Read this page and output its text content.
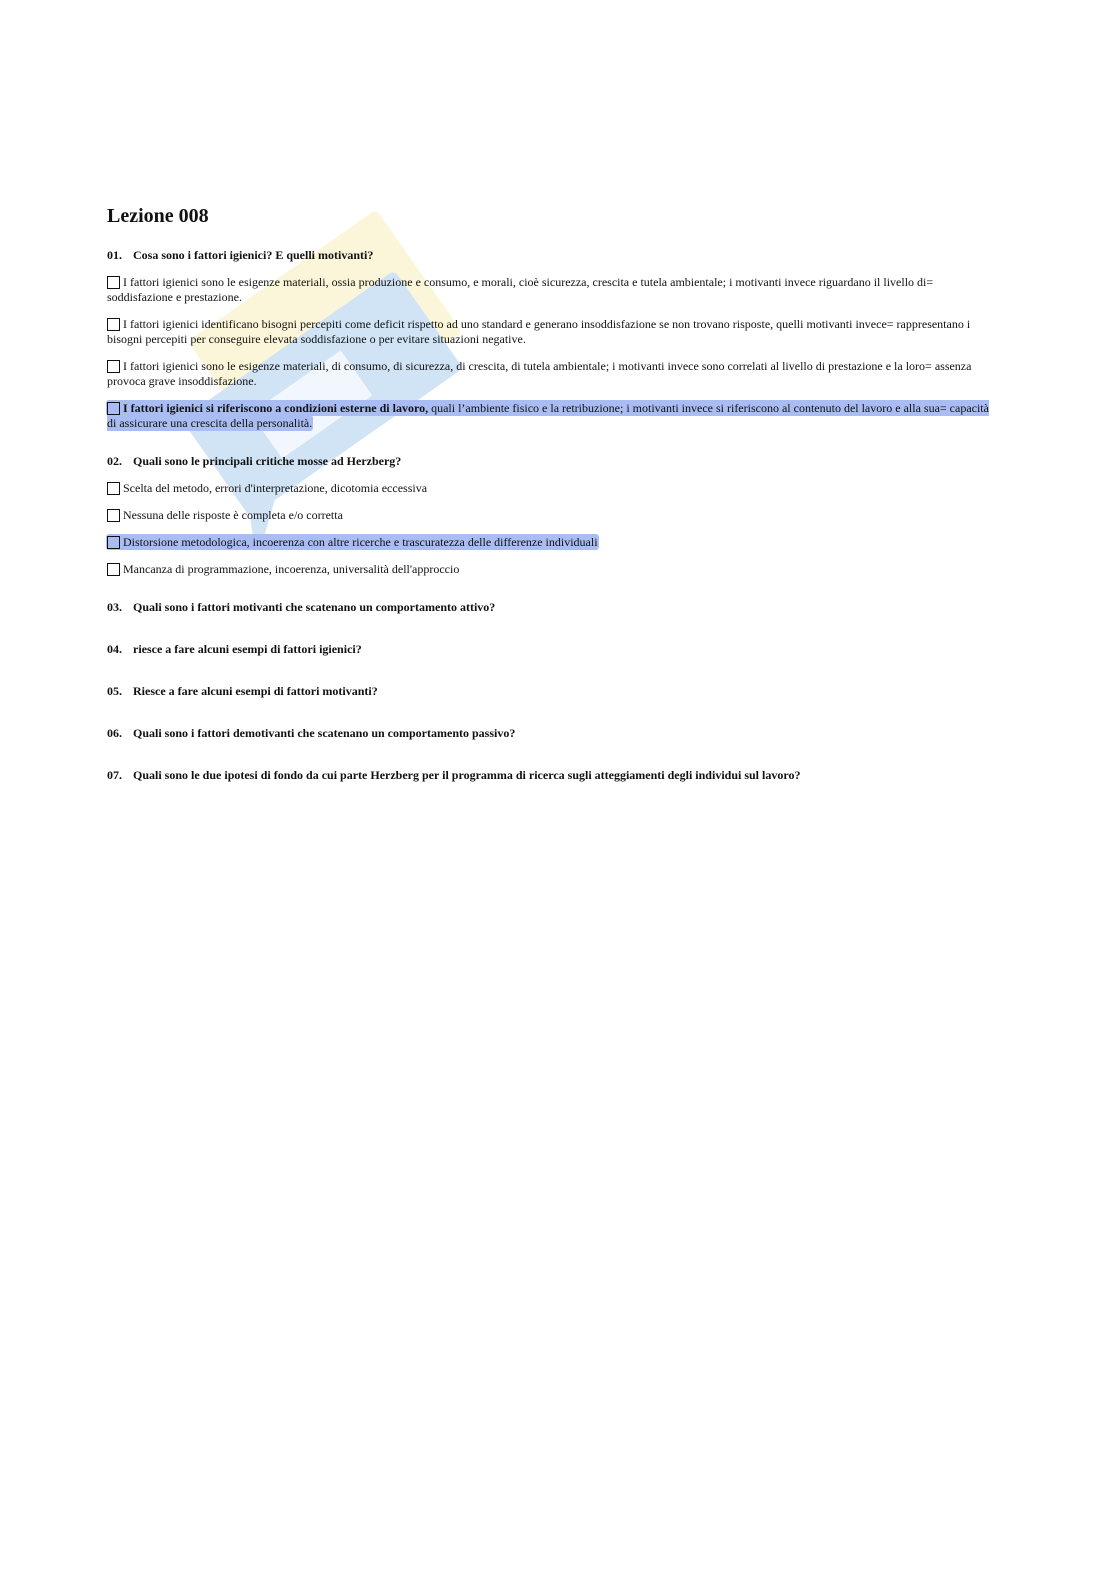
Lezione 008
01. Cosa sono i fattori igienici? E quelli motivanti?
I fattori igienici sono le esigenze materiali, ossia produzione e consumo, e morali, cioè sicurezza, crescita e tutela ambientale; i motivanti invece riguardano il livello di= soddisfazione e prestazione.
I fattori igienici identificano bisogni percepiti come deficit rispetto ad uno standard e generano insoddisfazione se non trovano risposte, quelli motivanti invece= rappresentano i bisogni percepiti per conseguire elevata soddisfazione o per evitare situazioni negative.
I fattori igienici sono le esigenze materiali, di consumo, di sicurezza, di crescita, di tutela ambientale; i motivanti invece sono correlati al livello di prestazione e la loro= assenza provoca grave insoddisfazione.
I fattori igienici si riferiscono a condizioni esterne di lavoro, quali l’ambiente fisico e la retribuzione; i motivanti invece si riferiscono al contenuto del lavoro e alla sua= capacità di assicurare una crescita della personalità.
02. Quali sono le principali critiche mosse ad Herzberg?
Scelta del metodo, errori d'interpretazione, dicotomia eccessiva
Nessuna delle risposte è completa e/o corretta
Distorsione metodologica, incoerenza con altre ricerche e trascuratezza delle differenze individuali
Mancanza di programmazione, incoerenza, universalità dell'approccio
03. Quali sono i fattori motivanti che scatenano un comportamento attivo?
04. riesce a fare alcuni esempi di fattori igienici?
05. Riesce a fare alcuni esempi di fattori motivanti?
06. Quali sono i fattori demotivanti che scatenano un comportamento passivo?
07. Quali sono le due ipotesi di fondo da cui parte Herzberg per il programma di ricerca sugli atteggiamenti degli individui sul lavoro?
